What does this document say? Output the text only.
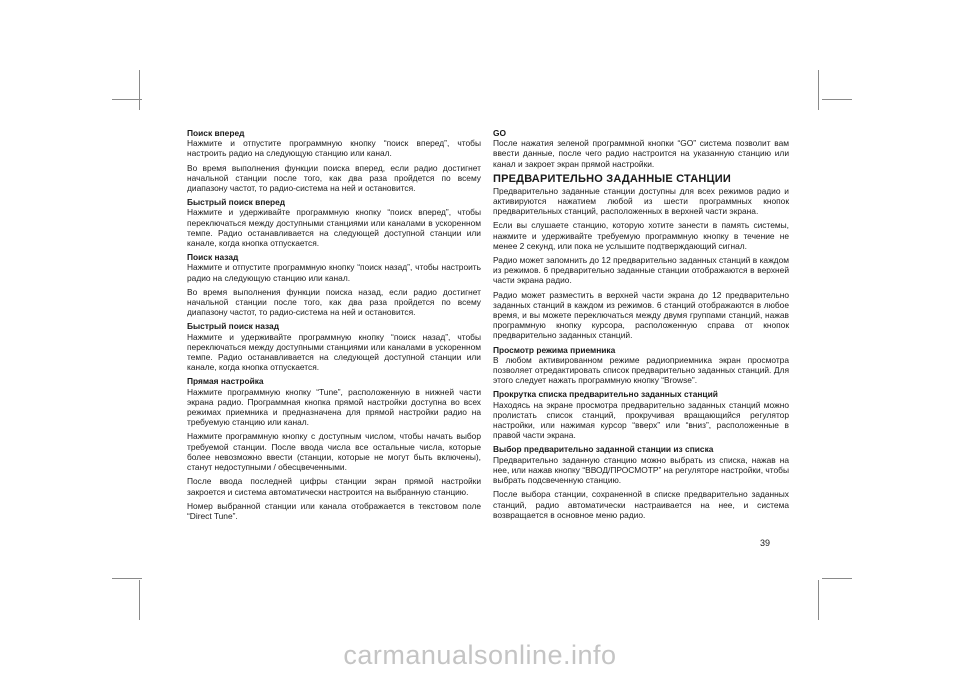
Поиск вперед

Нажмите и отпустите программную кнопку “поиск вперед”, чтобы настроить радио на следующую станцию или канал.

Во время выполнения функции поиска вперед, если радио достигнет начальной станции после того, как два раза пройдется по всему диапазону частот, то радио-система на ней и остановится.

Быстрый поиск вперед

Нажмите и удерживайте программную кнопку “поиск вперед”, чтобы переключаться между доступными станциями или каналами в ускоренном темпе. Радио останавливается на следующей доступной станции или канале, когда кнопка отпускается.

Поиск назад

Нажмите и отпустите программную кнопку “поиск назад”, чтобы настроить радио на следующую станцию или канал.

Во время выполнения функции поиска назад, если радио достигнет начальной станции после того, как два раза пройдется по всему диапазону частот, то радио-система на ней и остановится.

Быстрый поиск назад

Нажмите и удерживайте программную кнопку “поиск назад”, чтобы переключаться между доступными станциями или каналами в ускоренном темпе. Радио останавливается на следующей доступной станции или канале, когда кнопка отпускается.

Прямая настройка

Нажмите программную кнопку “Tune”, расположенную в нижней части экрана радио. Программная кнопка прямой настройки доступна во всех режимах приемника и предназначена для прямой настройки радио на требуемую станцию или канал.

Нажмите программную кнопку с доступным числом, чтобы начать выбор требуемой станции. После ввода числа все остальные числа, которые более невозможно ввести (станции, которые не могут быть включены), станут недоступными / обесцвеченными.

После ввода последней цифры станции экран прямой настройки закроется и система автоматически настроится на выбранную станцию.

Номер выбранной станции или канала отображается в текстовом поле “Direct Tune”.

GO

После нажатия зеленой программной кнопки “GO” система позволит вам ввести данные, после чего радио настроится на указанную станцию или канал и закроет экран прямой настройки.

ПРЕДВАРИТЕЛЬНО ЗАДАННЫЕ СТАНЦИИ

Предварительно заданные станции доступны для всех режимов радио и активируются нажатием любой из шести программных кнопок предварительных станций, расположенных в верхней части экрана.

Если вы слушаете станцию, которую хотите занести в память системы, нажмите и удерживайте требуемую программную кнопку в течение не менее 2 секунд, или пока не услышите подтверждающий сигнал.

Радио может запомнить до 12 предварительно заданных станций в каждом из режимов. 6 предварительно заданные станции отображаются в верхней части экрана радио.

Радио может разместить в верхней части экрана до 12 предварительно заданных станций в каждом из режимов. 6 станций отображаются в любое время, и вы можете переключаться между двумя группами станций, нажав программную кнопку курсора, расположенную справа от кнопок предварительно заданных станций.

Просмотр режима приемника

В любом активированном режиме радиоприемника экран просмотра позволяет отредактировать список предварительно заданных станций. Для этого следует нажать программную кнопку “Browse”.

Прокрутка списка предварительно заданных станций

Находясь на экране просмотра предварительно заданных станций можно пролистать список станций, прокручивая вращающийся регулятор настройки, или нажимая курсор “вверх” или “вниз”, расположенные в правой части экрана.

Выбор предварительно заданной станции из списка

Предварительно заданную станцию можно выбрать из списка, нажав на нее, или нажав кнопку “ВВОД/ПРОСМОТР” на регуляторе настройки, чтобы выбрать подсвеченную станцию.

После выбора станции, сохраненной в списке предварительно заданных станций, радио автоматически настраивается на нее, и система возвращается в основное меню радио.

39
carmanualsonline.info
